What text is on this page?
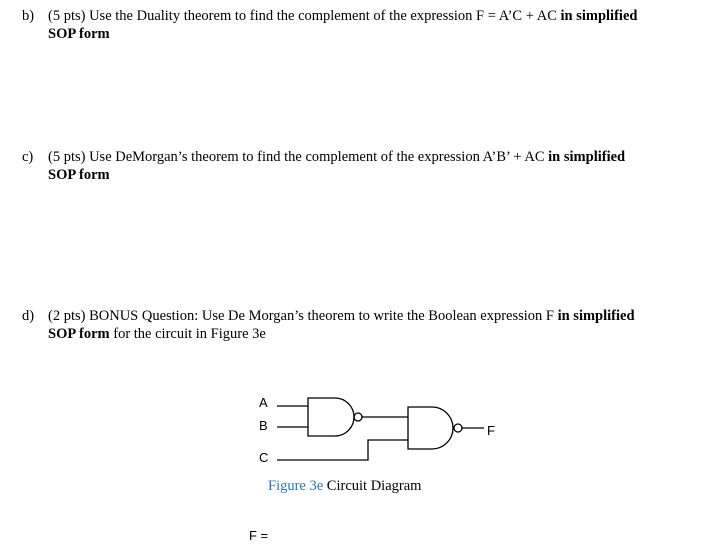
b) (5 pts) Use the Duality theorem to find the complement of the expression F = A’C + AC in simplified
SOP form
c) (5 pts) Use DeMorgan’s theorem to find the complement of the expression A’B’ + AC in simplified
SOP form
d) (2 pts) BONUS Question: Use De Morgan’s theorem to write the Boolean expression F in simplified
SOP form for the circuit in Figure 3e
A
B
C
F
Figure 3e Circuit Diagram
F =
